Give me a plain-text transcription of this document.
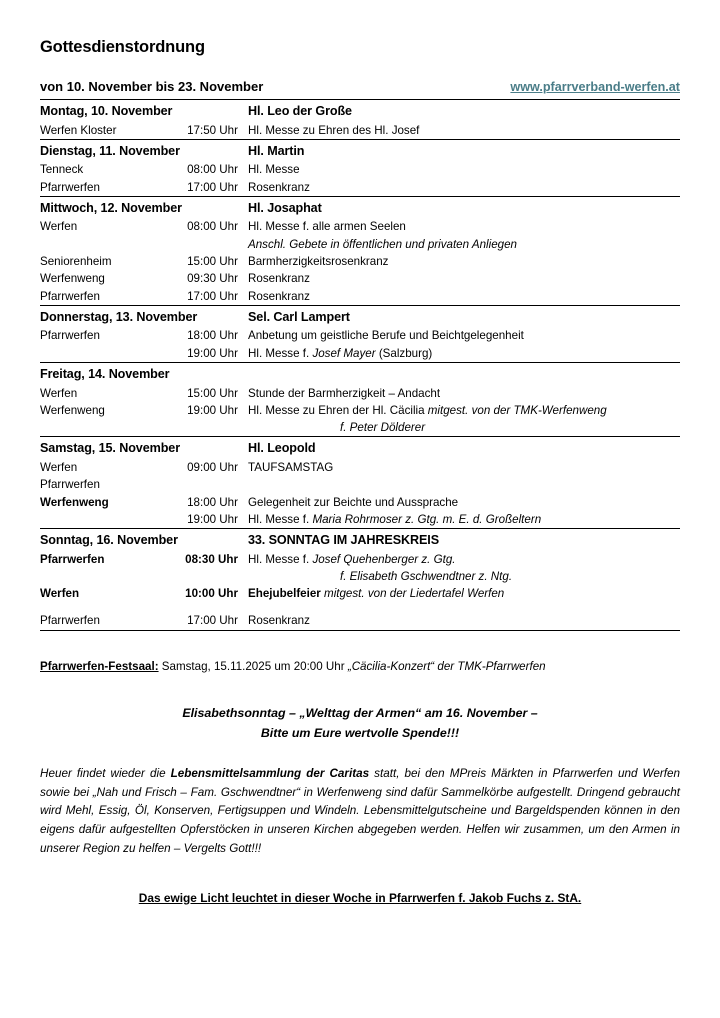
Gottesdienstordnung
von 10. November bis 23. November	www.pfarrverband-werfen.at
Montag, 10. November		Hl. Leo der Große
Werfen Kloster	17:50 Uhr	Hl. Messe zu Ehren des Hl. Josef
Dienstag, 11. November		Hl. Martin
Tenneck	08:00 Uhr	Hl. Messe
Pfarrwerfen	17:00 Uhr	Rosenkranz
Mittwoch, 12. November		Hl. Josaphat
Werfen	08:00 Uhr	Hl. Messe f. alle armen Seelen
		Anschl. Gebete in öffentlichen und privaten Anliegen
Seniorenheim	15:00 Uhr	Barmherzigkeitsrosenkranz
Werfenweng	09:30 Uhr	Rosenkranz
Pfarrwerfen	17:00 Uhr	Rosenkranz
Donnerstag, 13. November		Sel. Carl Lampert
Pfarrwerfen	18:00 Uhr	Anbetung um geistliche Berufe und Beichtgelegenheit
	19:00 Uhr	Hl. Messe f. Josef Mayer (Salzburg)
Freitag, 14. November		
Werfen	15:00 Uhr	Stunde der Barmherzigkeit – Andacht
Werfenweng	19:00 Uhr	Hl. Messe zu Ehren der Hl. Cäcilia mitgest. von der TMK-Werfenweng
		f. Peter Dölderer
Samstag, 15. November		Hl. Leopold
Werfen	09:00 Uhr	TAUFSAMSTAG
Pfarrwerfen		
Werfenweng	18:00 Uhr	Gelegenheit zur Beichte und Aussprache
	19:00 Uhr	Hl. Messe f. Maria Rohrmoser z. Gtg. m. E. d. Großeltern
Sonntag, 16. November		33. SONNTAG IM JAHRESKREIS
Pfarrwerfen	08:30 Uhr	Hl. Messe f. Josef Quehenberger z. Gtg.
		f. Elisabeth Gschwendtner z. Ntg.
Werfen	10:00 Uhr	Ehejubelfeier mitgest. von der Liedertafel Werfen

Pfarrwerfen	17:00 Uhr	Rosenkranz
Pfarrwerfen-Festsaal: Samstag, 15.11.2025 um 20:00 Uhr „Cäcilia-Konzert“ der TMK-Pfarrwerfen
Elisabethsonntag – „Welttag der Armen“ am 16. November –
Bitte um Eure wertvolle Spende!!!
Heuer findet wieder die Lebensmittelsammlung der Caritas statt, bei den MPreis Märkten in Pfarrwerfen und Werfen sowie bei „Nah und Frisch – Fam. Gschwendtner“ in Werfenweng sind dafür Sammelkörbe aufgestellt. Dringend gebraucht wird Mehl, Essig, Öl, Konserven, Fertigsuppen und Windeln. Lebensmittelgutscheine und Bargeldspenden können in den eigens dafür aufgestellten Opferstöcken in unseren Kirchen abgegeben werden. Helfen wir zusammen, um den Armen in unserer Region zu helfen – Vergelts Gott!!!
Das ewige Licht leuchtet in dieser Woche in Pfarrwerfen f. Jakob Fuchs z. StA.
